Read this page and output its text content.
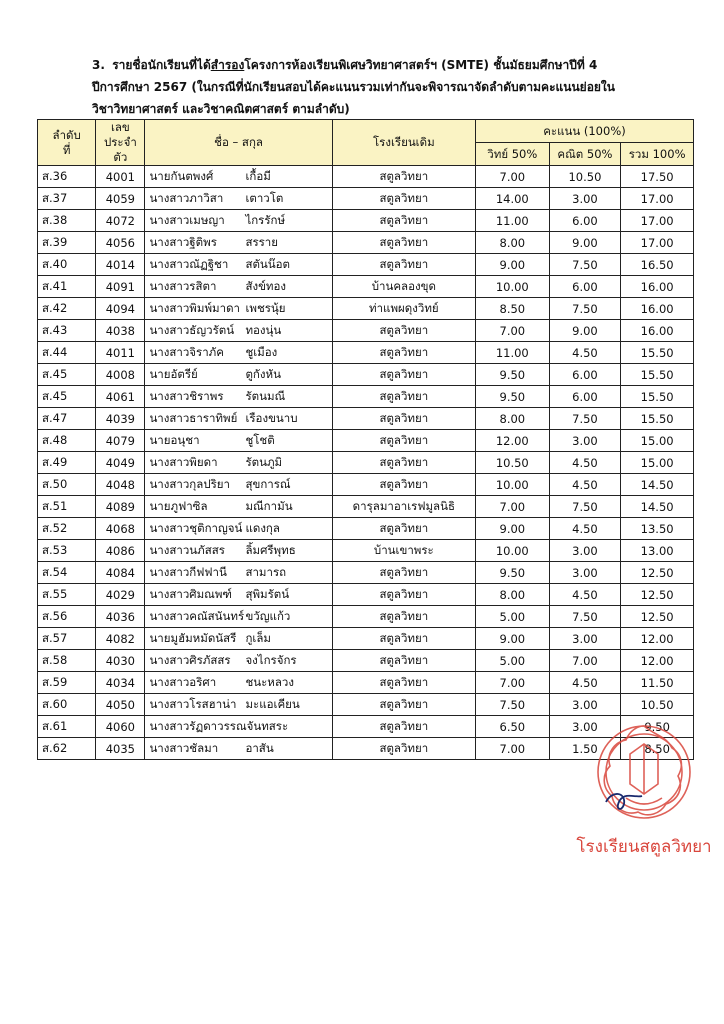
3. รายชื่อนักเรียนที่ได้สำรองโครงการห้องเรียนพิเศษวิทยาศาสตร์ฯ (SMTE) ชั้นมัธยมศึกษาปีที่ 4
ปีการศึกษา 2567 (ในกรณีที่นักเรียนสอบได้คะแนนรวมเท่ากันจะพิจารณาจัดลำดับตามคะแนนย่อยใน
วิชาวิทยาศาสตร์ และวิชาคณิตศาสตร์ ตามลำดับ)
ลำดับ
ที่	เลข
ประจำตัว	ชื่อ – สกุล	โรงเรียนเดิม	คะแนน (100%)		
				วิทย์ 50%	คณิต 50%	รวม 100%
ส.36	4001	นายกันตพงศ์ เกื้อมี	สตูลวิทยา	7.00	10.50	17.50
ส.37	4059	นางสาวภาวิสา เตาวโต	สตูลวิทยา	14.00	3.00	17.00
ส.38	4072	นางสาวเมษญา ไกรรักษ์	สตูลวิทยา	11.00	6.00	17.00
ส.39	4056	นางสาวฐิติพร สรราย	สตูลวิทยา	8.00	9.00	17.00
ส.40	4014	นางสาวณัฏฐิชา สตันน๊อต	สตูลวิทยา	9.00	7.50	16.50
ส.41	4091	นางสาวรสิตา สังข์ทอง	บ้านคลองขุด	10.00	6.00	16.00
ส.42	4094	นางสาวพิมพ์มาดา เพชรนุ้ย	ท่าแพผดุงวิทย์	8.50	7.50	16.00
ส.43	4038	นางสาวธัญวรัตน์ ทองนุ่น	สตูลวิทยา	7.00	9.00	16.00
ส.44	4011	นางสาวจิราภัค ชูเมือง	สตูลวิทยา	11.00	4.50	15.50
ส.45	4008	นายอัตรีย์ ตูกังหัน	สตูลวิทยา	9.50	6.00	15.50
ส.45	4061	นางสาวชิราพร รัตนมณี	สตูลวิทยา	9.50	6.00	15.50
ส.47	4039	นางสาวธาราทิพย์ เรืองขนาบ	สตูลวิทยา	8.00	7.50	15.50
ส.48	4079	นายอนุชา ชูโชติ	สตูลวิทยา	12.00	3.00	15.00
ส.49	4049	นางสาวพิยดา รัตนภูมิ	สตูลวิทยา	10.50	4.50	15.00
ส.50	4048	นางสาวกุลปริยา สุขการณ์	สตูลวิทยา	10.00	4.50	14.50
ส.51	4089	นายภูฟาซิล มณีกามัน	ดารุลมาอาเรฟมูลนิธิ	7.00	7.50	14.50
ส.52	4068	นางสาวชุติกาญจน์ แดงกุล	สตูลวิทยา	9.00	4.50	13.50
ส.53	4086	นางสาวนภัสสร ลิ้มศรีพุทธ	บ้านเขาพระ	10.00	3.00	13.00
ส.54	4084	นางสาวกีฟฟานี สามารถ	สตูลวิทยา	9.50	3.00	12.50
ส.55	4029	นางสาวศิมณพฑ์ สุพิมรัตน์	สตูลวิทยา	8.00	4.50	12.50
ส.56	4036	นางสาวคณัสนันทร์ขวัญแก้ว	สตูลวิทยา	5.00	7.50	12.50
ส.57	4082	นายมูฮัมหมัดนัสรี กูเล็ม	สตูลวิทยา	9.00	3.00	12.00
ส.58	4030	นางสาวศิรภัสสร จงไกรจักร	สตูลวิทยา	5.00	7.00	12.00
ส.59	4034	นางสาวอริศา ชนะหลวง	สตูลวิทยา	7.00	4.50	11.50
ส.60	4050	นางสาวโรสฮาน่า มะแอเคียน	สตูลวิทยา	7.50	3.00	10.50
ส.61	4060	นางสาวรัฏดาวรรณจันทสระ	สตูลวิทยา	6.50	3.00	9.50
ส.62	4035	นางสาวชัลมา อาสัน	สตูลวิทยา	7.00	1.50	8.50
โรงเรียนสตูลวิทยา
